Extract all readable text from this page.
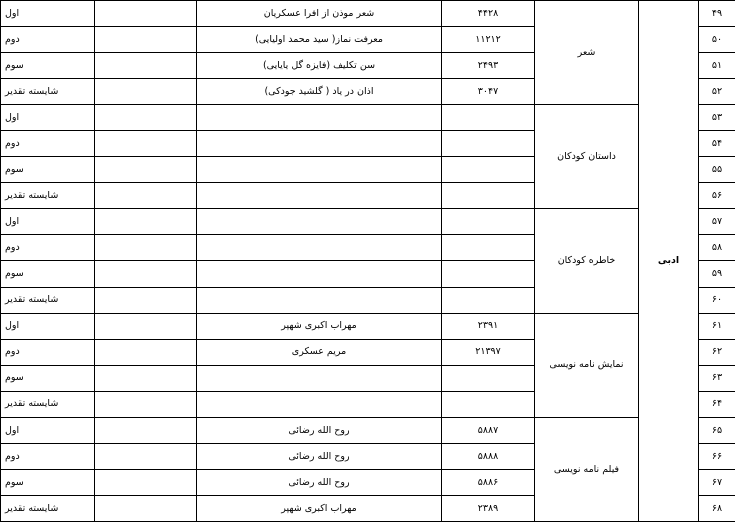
اول		شعر موذن از افرا عسکریان	۴۴۲۸	شعر	ادبی	۴۹
دوم		معرفت نماز( سید محمد اولیایی)	۱۱۲۱۲			۵۰
سوم		سن تکلیف (فایزه گل یایایی)	۲۴۹۳			۵۱
شایسته تقدیر		اذان در یاد ( گلشید جودکی)	۳۰۴۷			۵۲
اول				داستان کودکان		۵۳
دوم						۵۴
سوم						۵۵
شایسته تقدیر						۵۶
اول				خاطره کودکان		۵۷
دوم						۵۸
سوم						۵۹
شایسته تقدیر						۶۰
اول		مهراب اکبری شهپر	۲۳۹۱	نمایش نامه نویسی		۶۱
دوم		مریم عسکری	۲۱۳۹۷			۶۲
سوم						۶۳
شایسته تقدیر						۶۴
اول		روح الله رضائی	۵۸۸۷	فیلم نامه نویسی		۶۵
دوم		روح الله رضائی	۵۸۸۸			۶۶
سوم		روح الله رضائی	۵۸۸۶			۶۷
شایسته تقدیر		مهراب اکبری شهپر	۲۳۸۹			۶۸
